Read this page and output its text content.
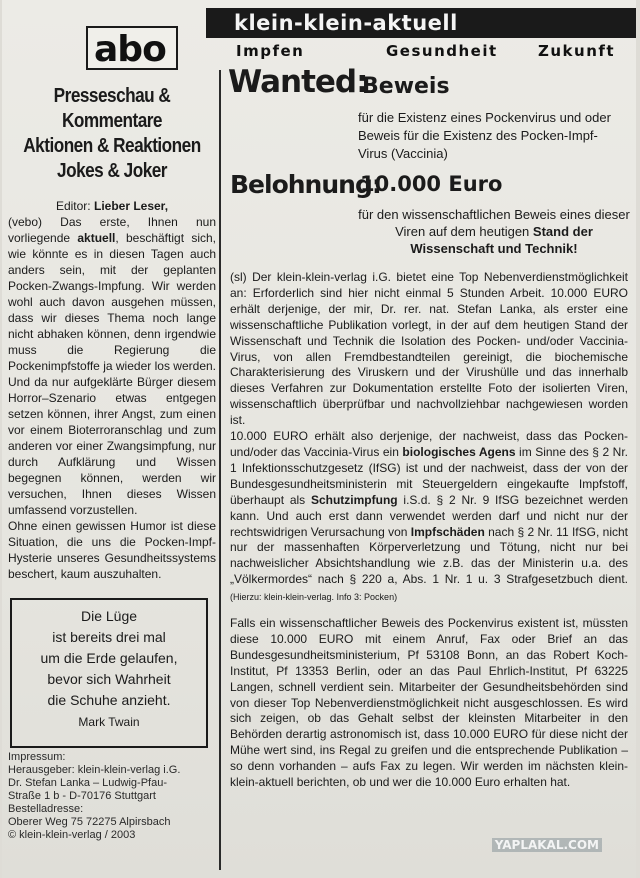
abo
klein-klein-aktuell
Impfen	Gesundheit	Zukunft
Presseschau & Kommentare
Aktionen & Reaktionen
Jokes & Joker
Editor: Lieber Leser,
(vebo) Das erste, Ihnen nun vorliegende aktuell, beschäftigt sich, wie könnte es in diesen Tagen auch anders sein, mit der geplanten Pocken-Zwangs-Impfung. Wir werden wohl auch davon ausgehen müssen, dass wir dieses Thema noch lange nicht abhaken können, denn irgendwie muss die Regierung die Pockenimpfstoffe ja wieder los werden. Und da nur aufgeklärte Bürger diesem Horror–Szenario etwas entgegen setzen können, ihrer Angst, zum einen vor einem Bioterroranschlag und zum anderen vor einer Zwangsimpfung, nur durch Aufklärung und Wissen begegnen können, werden wir versuchen, Ihnen dieses Wissen umfassend vorzustellen.
Ohne einen gewissen Humor ist diese Situation, die uns die Pocken-Impf-Hysterie unseres Gesundheitssystems beschert, kaum auszuhalten.
Die Lüge
ist bereits drei mal
um die Erde gelaufen,
bevor sich Wahrheit
die Schuhe anzieht.
Mark Twain
Impressum:
Herausgeber: klein-klein-verlag i.G.
Dr. Stefan Lanka – Ludwig-Pfau-
Straße 1 b - D-70176 Stuttgart
Bestelladresse:
Oberer Weg 75 72275 Alpirsbach
© klein-klein-verlag / 2003
Wanted:
Beweis
für die Existenz eines Pockenvirus und oder Beweis für die Existenz des Pocken-Impf-Virus (Vaccinia)
Belohnung:
10.000 Euro
für den wissenschaftlichen Beweis eines dieser Viren auf dem heutigen Stand der Wissenschaft und Technik!

(sl) Der klein-klein-verlag i.G. bietet eine Top Nebenverdienstmöglichkeit an: Erforderlich sind hier nicht einmal 5 Stunden Arbeit. 10.000 EURO erhält derjenige, der mir, Dr. rer. nat. Stefan Lanka, als erster eine wissenschaftliche Publikation vorlegt, in der auf dem heutigen Stand der Wissenschaft und Technik die Isolation des Pocken- und/oder Vaccinia-Virus, von allen Fremdbestandteilen gereinigt, die biochemische Charakterisierung des Viruskern und der Virushülle und das innerhalb dieses Verfahren zur Dokumentation erstellte Foto der isolierten Viren, wissenschaftlich überprüfbar und nachvollziehbar nachgewiesen worden ist.

10.000 EURO erhält also derjenige, der nachweist, dass das Pocken- und/oder das Vaccinia-Virus ein biologisches Agens im Sinne des § 2 Nr. 1 Infektionsschutzgesetz (IfSG) ist und der nachweist, dass der von der Bundesgesundheitsministerin mit Steuergeldern eingekaufte Impfstoff, überhaupt als Schutzimpfung i.S.d. § 2 Nr. 9 IfSG bezeichnet werden kann. Und auch erst dann verwendet werden darf und nicht nur der rechtswidrigen Verursachung von Impfschäden nach § 2 Nr. 11 IfSG, nicht nur der massenhaften Körperverletzung und Tötung, nicht nur bei nachweislicher Absichtshandlung wie z.B. das der Ministerin u.a. des „Völkermordes“ nach § 220 a, Abs. 1 Nr. 1 u. 3 Strafgesetzbuch dient. (Hierzu: klein-klein-verlag. Info 3: Pocken)

Falls ein wissenschaftlicher Beweis des Pockenvirus existent ist, müssten diese 10.000 EURO mit einem Anruf, Fax oder Brief an das Bundesgesundheitsministerium, Pf 53108 Bonn, an das Robert Koch-Institut, Pf 13353 Berlin, oder an das Paul Ehrlich-Institut, Pf 63225 Langen, schnell verdient sein. Mitarbeiter der Gesundheitsbehörden sind von dieser Top Nebenverdienstmöglichkeit nicht ausgeschlossen. Es wird sich zeigen, ob das Gehalt selbst der kleinsten Mitarbeiter in den Behörden derartig astronomisch ist, dass 10.000 EURO für diese nicht der Mühe wert sind, ins Regal zu greifen und die entsprechende Publikation – so denn vorhanden – aufs Fax zu legen. Wir werden im nächsten klein-klein-aktuell berichten, ob und wer die 10.000 Euro erhalten hat.

YAPLAKAL.COM
